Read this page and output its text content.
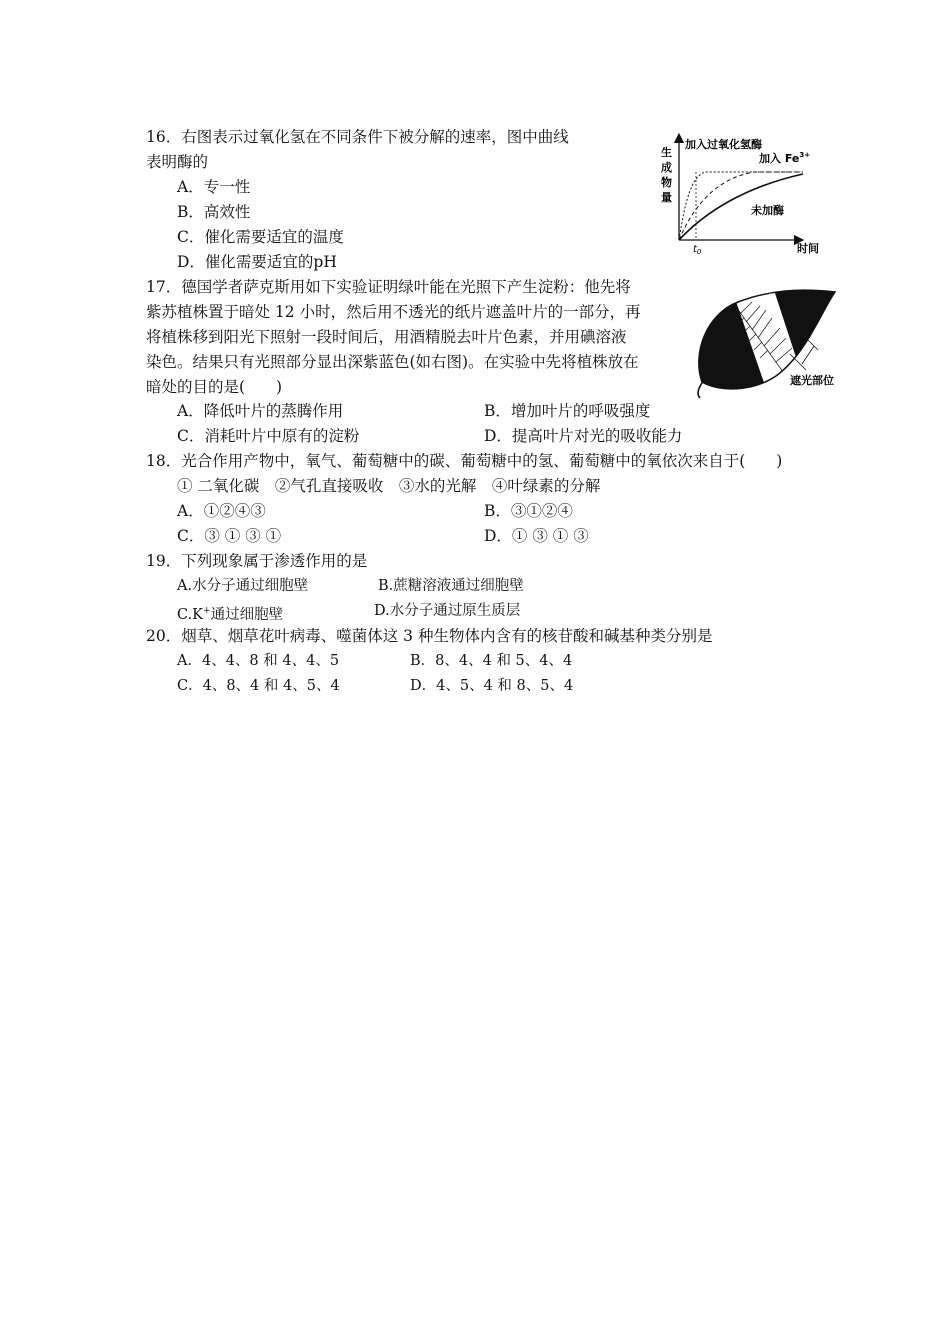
16．右图表示过氧化氢在不同条件下被分解的速率，图中曲线
表明酶的
A．专一性
B．高效性
C．催化需要适宜的温度
D．催化需要适宜的pH
生
成
物
量
时间
$t_0$
加入过氧化氢酶
加入 $Fe^{3+}$
未加酶
17．德国学者萨克斯用如下实验证明绿叶能在光照下产生淀粉：他先将
紫苏植株置于暗处 12 小时，然后用不透光的纸片遮盖叶片的一部分，再
将植株移到阳光下照射一段时间后，用酒精脱去叶片色素，并用碘溶液
染色。结果只有光照部分显出深紫蓝色(如右图)。在实验中先将植株放在
暗处的目的是(　　)
A．降低叶片的蒸腾作用	B．增加叶片的呼吸强度
C．消耗叶片中原有的淀粉	D．提高叶片对光的吸收能力
遮光部位
18．光合作用产物中，氧气、葡萄糖中的碳、葡萄糖中的氢、葡萄糖中的氧依次来自于(　　)
① 二氧化碳　②气孔直接吸收　③水的光解　④叶绿素的分解
A．①②④③	B．③①②④
C．③ ① ③ ①	D．① ③ ① ③
19．下列现象属于渗透作用的是
A.水分子通过细胞壁	B.蔗糖溶液通过细胞壁
C.K+通过细胞壁	D.水分子通过原生质层
20．烟草、烟草花叶病毒、噬菌体这 3 种生物体内含有的核苷酸和碱基种类分别是
A．4、4、8 和 4、4、5	B．8、4、4 和 5、4、4
C．4、8、4 和 4、5、4	D．4、5、4 和 8、5、4
